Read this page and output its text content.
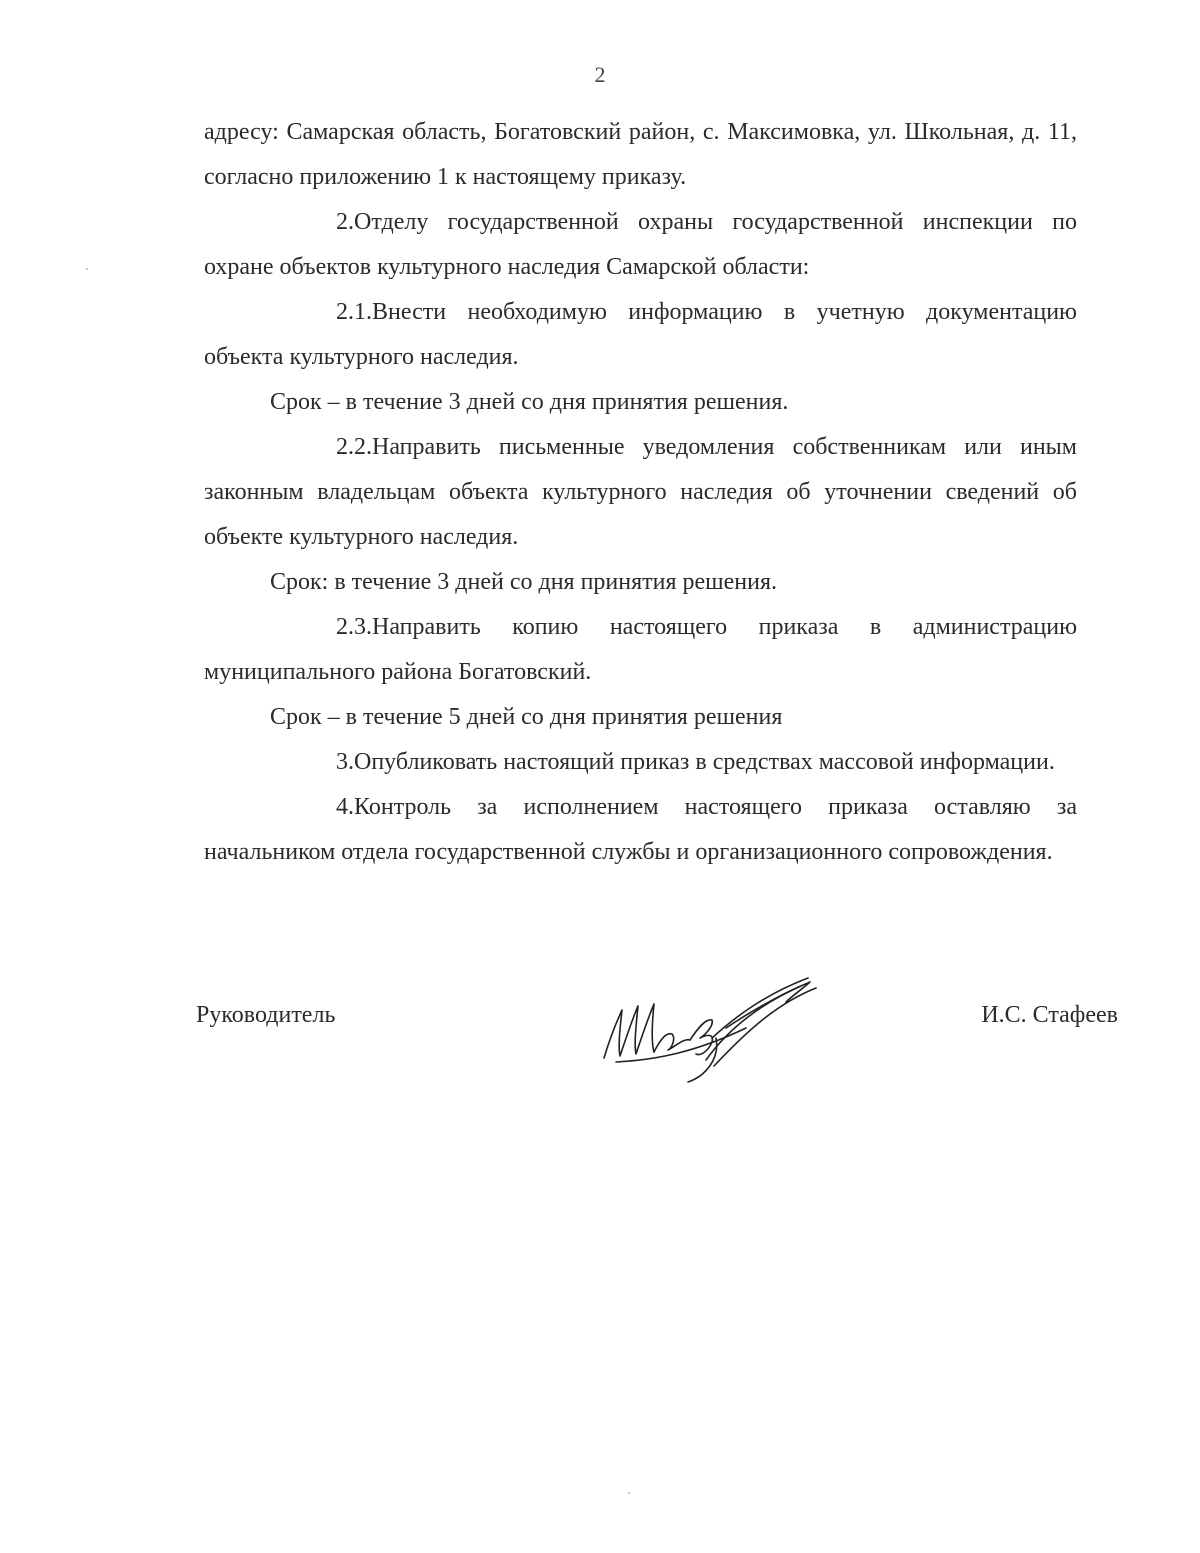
2

адресу: Самарская область, Богатовский район, с. Максимовка, ул. Школьная, д. 11, согласно приложению 1 к настоящему приказу.

2.Отделу государственной охраны государственной инспекции по охране объектов культурного наследия Самарской области:

2.1.Внести необходимую информацию в учетную документацию объекта культурного наследия.

Срок – в течение 3 дней со дня принятия решения.

2.2.Направить письменные уведомления собственникам или иным законным владельцам объекта культурного наследия об уточнении сведений об объекте культурного наследия.

Срок: в течение 3 дней со дня принятия решения.

2.3.Направить копию настоящего приказа в администрацию муниципального района Богатовский.

Срок – в течение 5 дней со дня принятия решения

3.Опубликовать настоящий приказ в средствах массовой информации.

4.Контроль за исполнением настоящего приказа оставляю за начальником отдела государственной службы и организационного сопровождения.

Руководитель	И.С. Стафеев
